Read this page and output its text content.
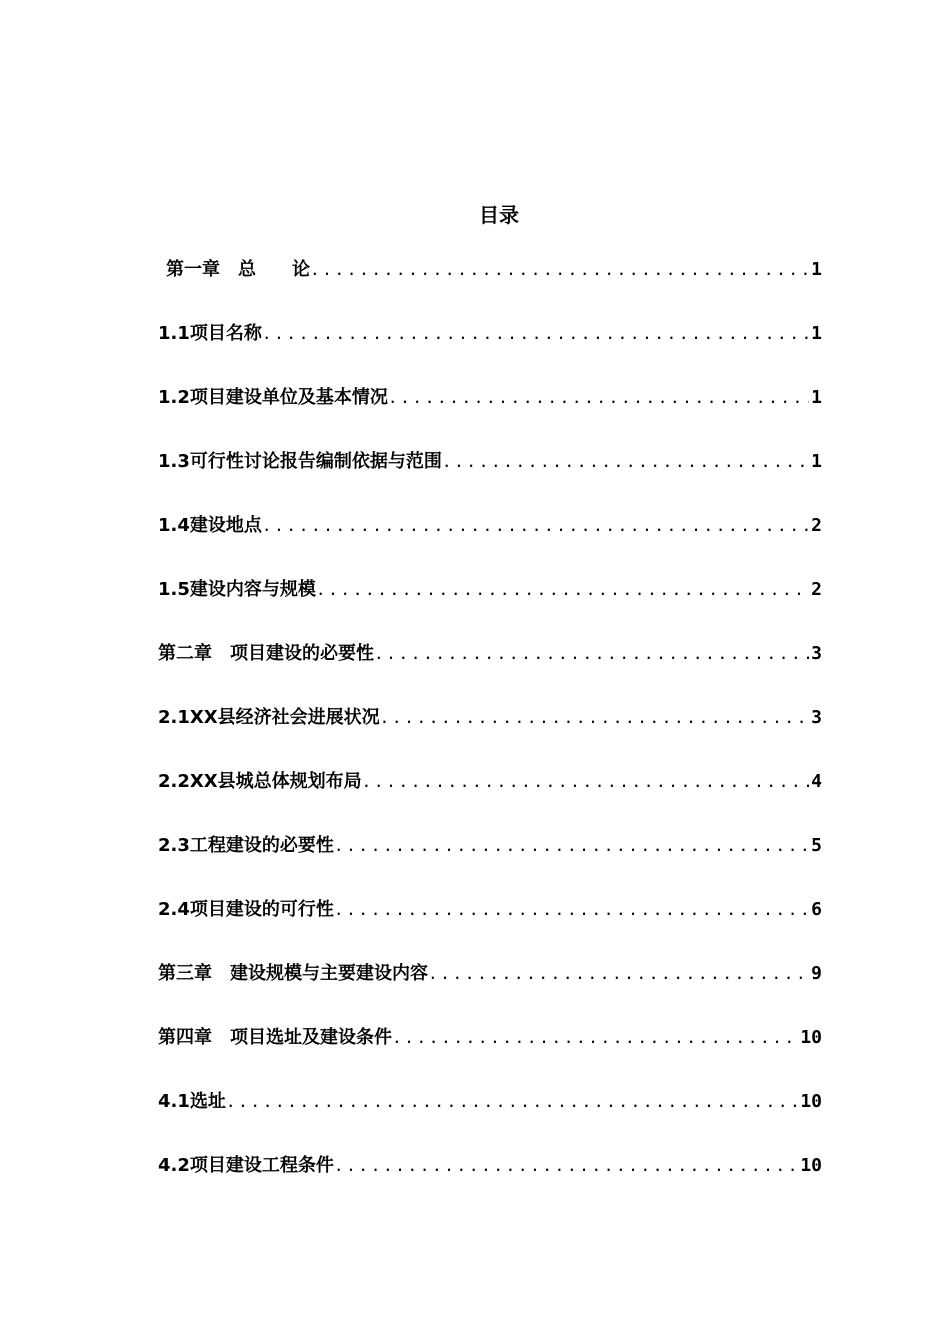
目录
第一章　总　　论 . . .	1
1.1项目名称 . . .	1
1.2项目建设单位及基本情况 . . .	1
1.3可行性讨论报告编制依据与范围 . . .	1
1.4建设地点 . . .	2
1.5建设内容与规模 . . .	2
第二章　项目建设的必要性 . . .	3
2.1XX县经济社会进展状况 . . .	3
2.2XX县城总体规划布局 . . .	4
2.3工程建设的必要性 . . .	5
2.4项目建设的可行性 . . .	6
第三章　建设规模与主要建设内容 . . .	9
第四章　项目选址及建设条件 . . .	10
4.1选址 . . .	10
4.2项目建设工程条件 . . .	10
